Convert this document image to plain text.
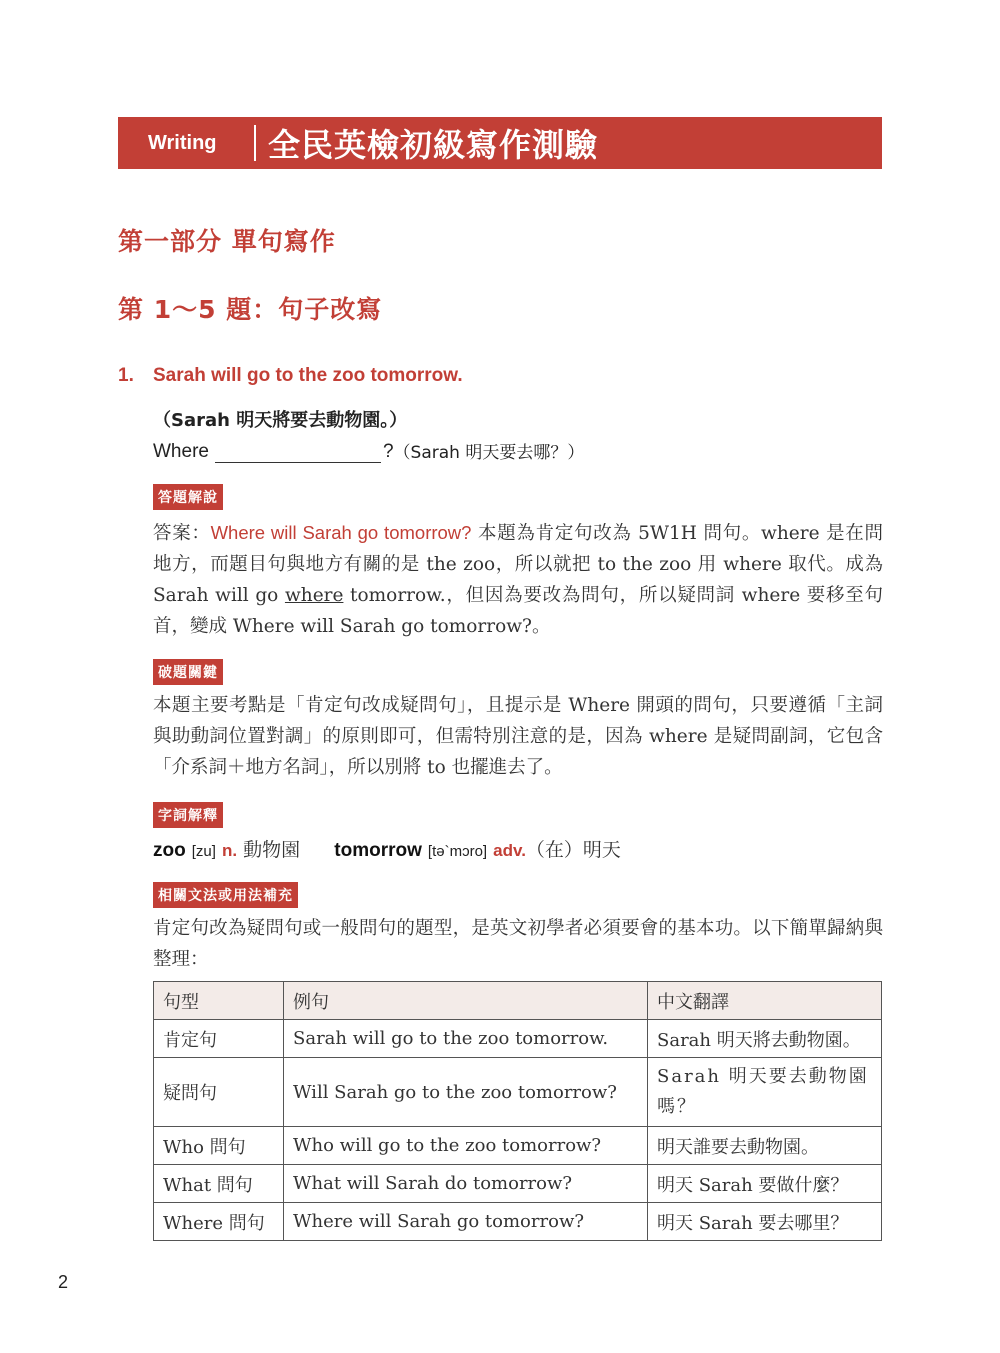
Writing	全民英檢初級寫作測驗
第一部分 單句寫作
第 1～5 題：句子改寫
1. Sarah will go to the zoo tomorrow.
（Sarah 明天將要去動物園。）
Where	? （Sarah 明天要去哪？）
答題解說
答案：Where will Sarah go tomorrow? 本題為肯定句改為 5W1H 問句。where 是在問地方，而題目句與地方有關的是 the zoo，所以就把 to the zoo 用 where 取代。成為 Sarah will go where tomorrow.，但因為要改為問句，所以疑問詞 where 要移至句首，變成 Where will Sarah go tomorrow?。
破題關鍵
本題主要考點是「肯定句改成疑問句」，且提示是 Where 開頭的問句，只要遵循「主詞與助動詞位置對調」的原則即可，但需特別注意的是，因為 where 是疑問副詞，它包含「介系詞＋地方名詞」，所以別將 to 也擺進去了。
字詞解釋
zoo [zu] n. 動物園 tomorrow [tə`mɔro] adv.（在）明天
相關文法或用法補充
肯定句改為疑問句或一般問句的題型，是英文初學者必須要會的基本功。以下簡單歸納與整理：
句型	例句	中文翻譯
肯定句	Sarah will go to the zoo tomorrow.	Sarah 明天將去動物園。
疑問句	Will Sarah go to the zoo tomorrow?	Sarah 明天要去動物園嗎？
Who 問句	Who will go to the zoo tomorrow?	明天誰要去動物園。
What 問句	What will Sarah do tomorrow?	明天 Sarah 要做什麼？
Where 問句	Where will Sarah go tomorrow?	明天 Sarah 要去哪里？
2
